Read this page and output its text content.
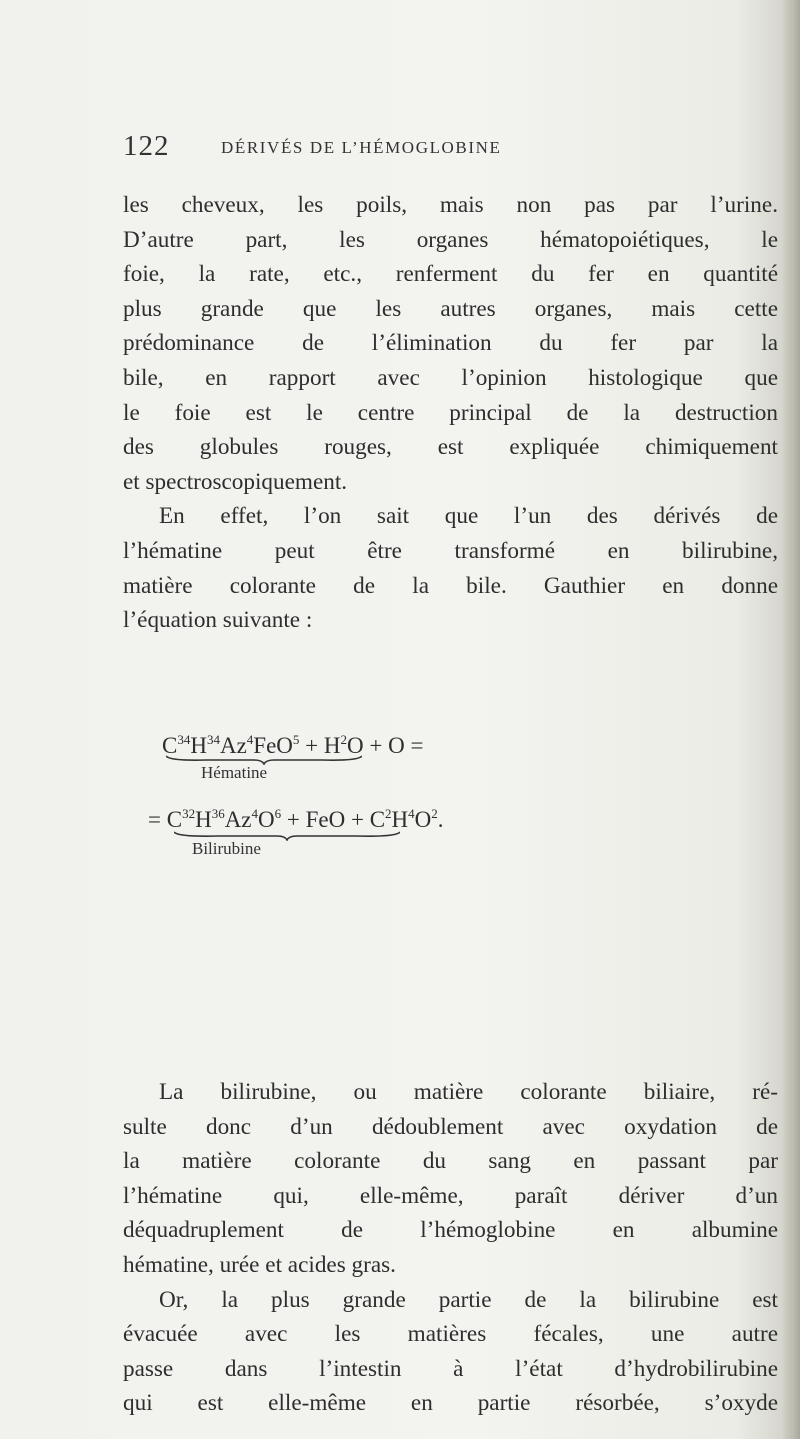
122	DÉRIVÉS DE L’HÉMOGLOBINE

les cheveux, les poils, mais non pas par l’urine.
D’autre part, les organes hématopoiétiques, le
foie, la rate, etc., renferment du fer en quantité
plus grande que les autres organes, mais cette
prédominance de l’élimination du fer par la
bile, en rapport avec l’opinion histologique que
le foie est le centre principal de la destruction
des globules rouges, est expliquée chimiquement
et spectroscopiquement.

En effet, l’on sait que l’un des dérivés de
l’hématine peut être transformé en bilirubine,
matière colorante de la bile. Gauthier en donne
l’équation suivante :

$C^{34}H^{34}Az^4FeO^5 + H^2O + O$ =
Hématine
= $C^{32}H^{36}Az^4O^6$ + FeO + $C^2H^4O^2$.
Bilirubine

La bilirubine, ou matière colorante biliaire, ré-
sulte donc d’un dédoublement avec oxydation de
la matière colorante du sang en passant par
l’hématine qui, elle-même, paraît dériver d’un
déquadruplement de l’hémoglobine en albumine
hématine, urée et acides gras.

Or, la plus grande partie de la bilirubine est
évacuée avec les matières fécales, une autre
passe dans l’intestin à l’état d’hydrobilirubine
qui est elle-même en partie résorbée, s’oxyde
